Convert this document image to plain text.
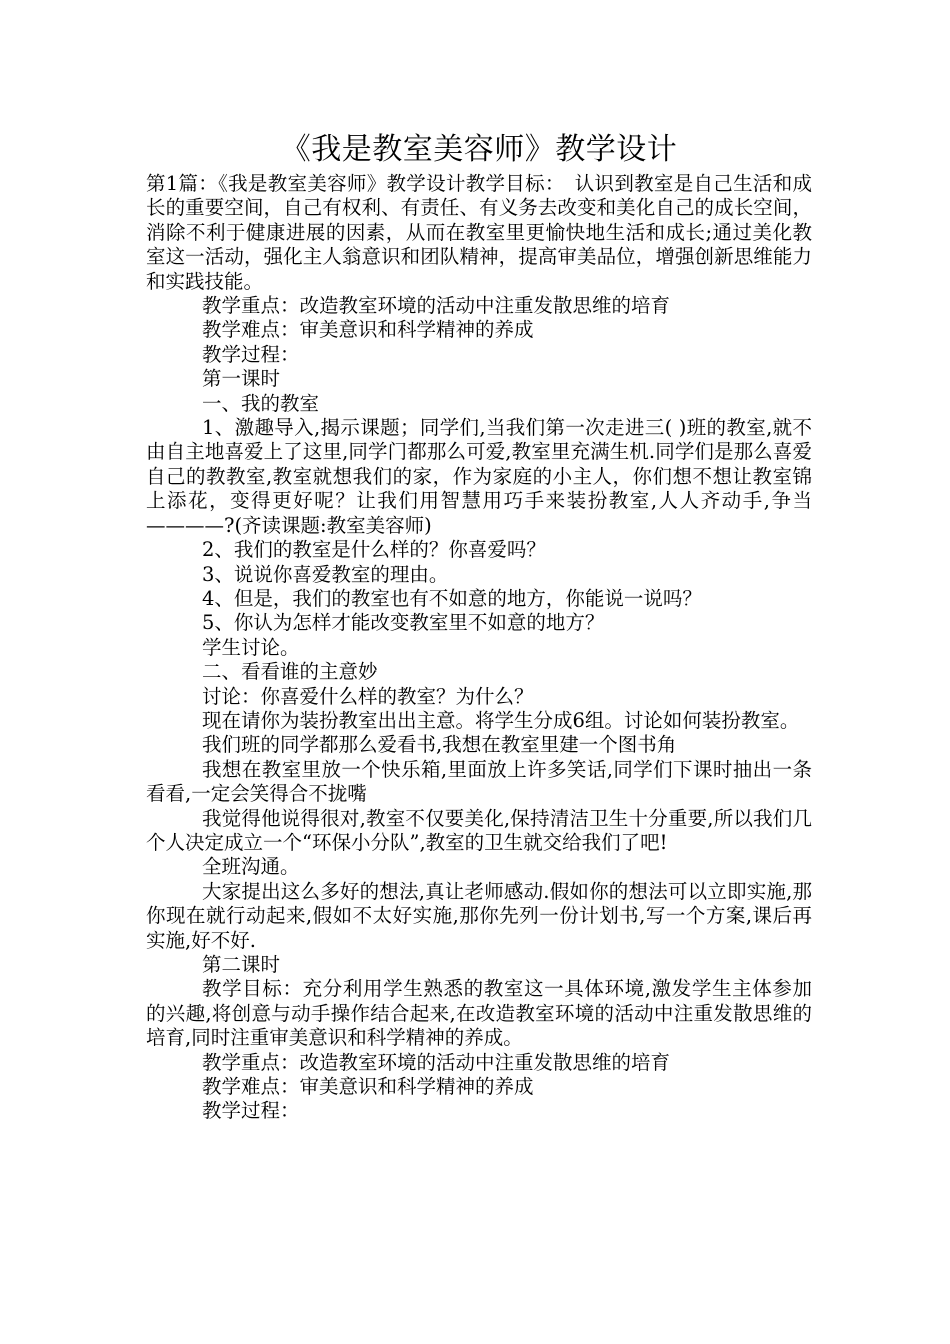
《我是教室美容师》教学设计

第1篇：《我是教室美容师》教学设计教学目标：　认识到教室是自己生活和成长的重要空间，自己有权利、有责任、有义务去改变和美化自己的成长空间，消除不利于健康进展的因素，从而在教室里更愉快地生活和成长;通过美化教室这一活动，强化主人翁意识和团队精神，提高审美品位，增强创新思维能力和实践技能。

教学重点：改造教室环境的活动中注重发散思维的培育

教学难点：审美意识和科学精神的养成

教学过程：

第一课时

一、我的教室

1、激趣导入,揭示课题；同学们,当我们第一次走进三( )班的教室,就不由自主地喜爱上了这里,同学门都那么可爱,教室里充满生机.同学们是那么喜爱自己的教教室,教室就想我们的家，作为家庭的小主人，你们想不想让教室锦上添花，变得更好呢？让我们用智慧用巧手来装扮教室,人人齐动手,争当————?(齐读课题:教室美容师)

2、我们的教室是什么样的？你喜爱吗？

3、说说你喜爱教室的理由。

4、但是，我们的教室也有不如意的地方，你能说一说吗？

5、你认为怎样才能改变教室里不如意的地方？

学生讨论。

二、看看谁的主意妙

讨论：你喜爱什么样的教室？为什么？

现在请你为装扮教室出出主意。将学生分成6组。讨论如何装扮教室。

我们班的同学都那么爱看书,我想在教室里建一个图书角

我想在教室里放一个快乐箱,里面放上许多笑话,同学们下课时抽出一条看看,一定会笑得合不拢嘴

我觉得他说得很对,教室不仅要美化,保持清洁卫生十分重要,所以我们几个人决定成立一个“环保小分队”,教室的卫生就交给我们了吧!

全班沟通。

大家提出这么多好的想法,真让老师感动.假如你的想法可以立即实施,那你现在就行动起来,假如不太好实施,那你先列一份计划书,写一个方案,课后再实施,好不好.

第二课时

教学目标：充分利用学生熟悉的教室这一具体环境,激发学生主体参加的兴趣,将创意与动手操作结合起来,在改造教室环境的活动中注重发散思维的培育,同时注重审美意识和科学精神的养成。

教学重点：改造教室环境的活动中注重发散思维的培育

教学难点：审美意识和科学精神的养成

教学过程：
